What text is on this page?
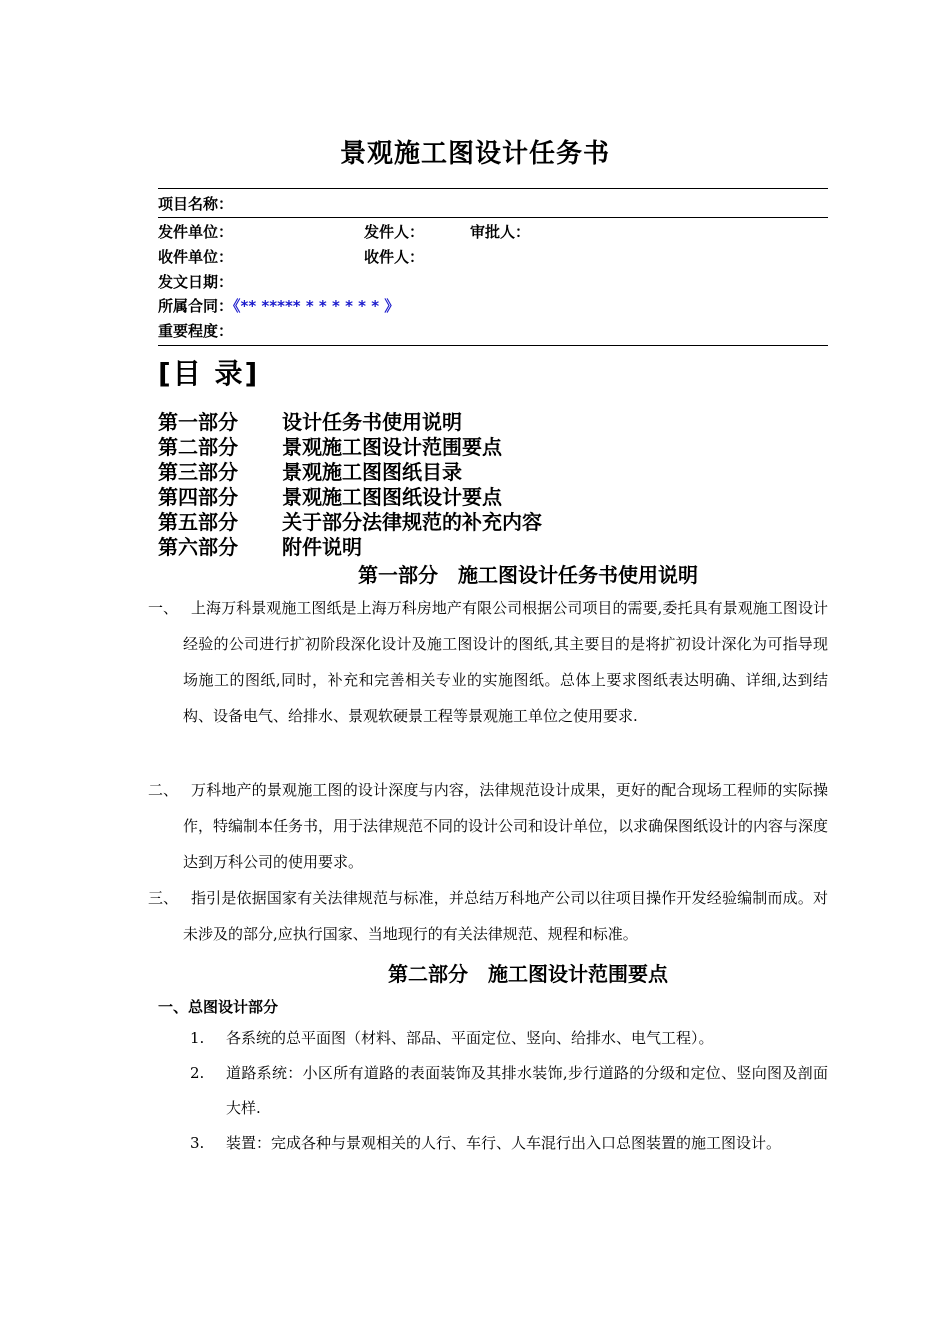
景观施工图设计任务书
项目名称：
发件单位：	发件人：	审批人：
收件单位：	收件人：
发文日期：
所属合同：《** ***** * * * * * * 》
重要程度：
[目 录]
第一部分 设计任务书使用说明
第二部分 景观施工图设计范围要点
第三部分 景观施工图图纸目录
第四部分 景观施工图图纸设计要点
第五部分 关于部分法律规范的补充内容
第六部分 附件说明
第一部分　施工图设计任务书使用说明
一、 上海万科景观施工图纸是上海万科房地产有限公司根据公司项目的需要,委托具有景观施工图设计经验的公司进行扩初阶段深化设计及施工图设计的图纸,其主要目的是将扩初设计深化为可指导现场施工的图纸,同时，补充和完善相关专业的实施图纸。总体上要求图纸表达明确、详细,达到结构、设备电气、给排水、景观软硬景工程等景观施工单位之使用要求.
二、 万科地产的景观施工图的设计深度与内容，法律规范设计成果，更好的配合现场工程师的实际操作，特编制本任务书，用于法律规范不同的设计公司和设计单位，以求确保图纸设计的内容与深度达到万科公司的使用要求。
三、 指引是依据国家有关法律规范与标准，并总结万科地产公司以往项目操作开发经验编制而成。对未涉及的部分,应执行国家、当地现行的有关法律规范、规程和标准。
第二部分　施工图设计范围要点
一、总图设计部分
1. 各系统的总平面图（材料、部品、平面定位、竖向、给排水、电气工程）。
2. 道路系统：小区所有道路的表面装饰及其排水装饰,步行道路的分级和定位、竖向图及剖面大样.
3. 装置：完成各种与景观相关的人行、车行、人车混行出入口总图装置的施工图设计。
